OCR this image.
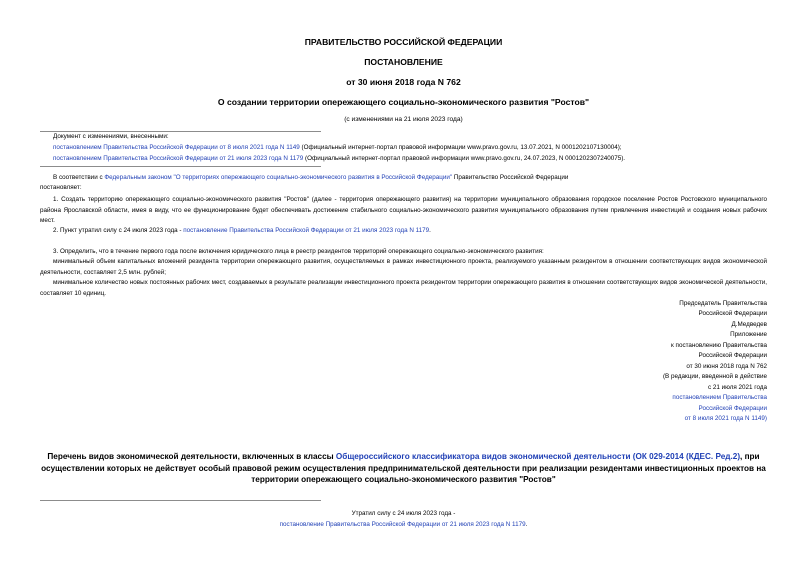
ПРАВИТЕЛЬСТВО РОССИЙСКОЙ ФЕДЕРАЦИИ
ПОСТАНОВЛЕНИЕ
от 30 июня 2018 года N 762
О создании территории опережающего социально-экономического развития "Ростов"
(с изменениями на 21 июля 2023 года)
Документ с изменениями, внесенными:
постановлением Правительства Российской Федерации от 8 июля 2021 года N 1149 (Официальный интернет-портал правовой информации www.pravo.gov.ru, 13.07.2021, N 0001202107130004);
постановлением Правительства Российской Федерации от 21 июля 2023 года N 1179 (Официальный интернет-портал правовой информации www.pravo.gov.ru, 24.07.2023, N 0001202307240075).
В соответствии с Федеральным законом "О территориях опережающего социально-экономического развития в Российской Федерации" Правительство Российской Федерации
постановляет:
1. Создать территорию опережающего социально-экономического развития "Ростов" (далее - территория опережающего развития) на территории муниципального образования городское поселение Ростов Ростовского муниципального района Ярославской области, имея в виду, что ее функционирование будет обеспечивать достижение стабильного социально-экономического развития муниципального образования путем привлечения инвестиций и создания новых рабочих мест.
2. Пункт утратил силу с 24 июля 2023 года - постановление Правительства Российской Федерации от 21 июля 2023 года N 1179.
3. Определить, что в течение первого года после включения юридического лица в реестр резидентов территорий опережающего социально-экономического развития:
минимальный объем капитальных вложений резидента территории опережающего развития, осуществляемых в рамках инвестиционного проекта, реализуемого указанным резидентом в отношении соответствующих видов экономической деятельности, составляет 2,5 млн. рублей;
минимальное количество новых постоянных рабочих мест, создаваемых в результате реализации инвестиционного проекта резидентом территории опережающего развития в отношении соответствующих видов экономической деятельности, составляет 10 единиц.
Председатель Правительства
Российской Федерации
Д.Медведев
Приложение
к постановлению Правительства
Российской Федерации
от 30 июня 2018 года N 762
(В редакции, введенной в действие
с 21 июля 2021 года
постановлением Правительства
Российской Федерации
от 8 июля 2021 года N 1149)
Перечень видов экономической деятельности, включенных в классы Общероссийского классификатора видов экономической деятельности (ОК 029-2014 (КДЕС. Ред.2), при осуществлении которых не действует особый правовой режим осуществления предпринимательской деятельности при реализации резидентами инвестиционных проектов на территории опережающего социально-экономического развития "Ростов"
Утратил силу с 24 июля 2023 года -
постановление Правительства Российской Федерации от 21 июля 2023 года N 1179.
